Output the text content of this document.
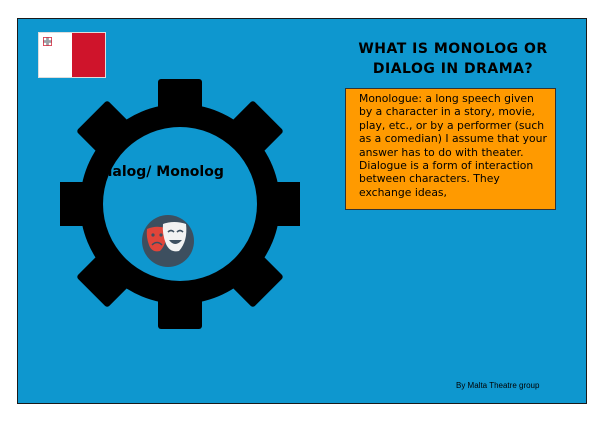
WHAT IS MONOLOG OR DIALOG IN DRAMA?
Monologue: a long speech given by a character in a story, movie, play, etc., or by a performer (such as a comedian) I assume that your answer has to do with theater. Dialogue is a form of interaction between characters. They exchange ideas,
Dialog/ Monolog
By Malta Theatre group
